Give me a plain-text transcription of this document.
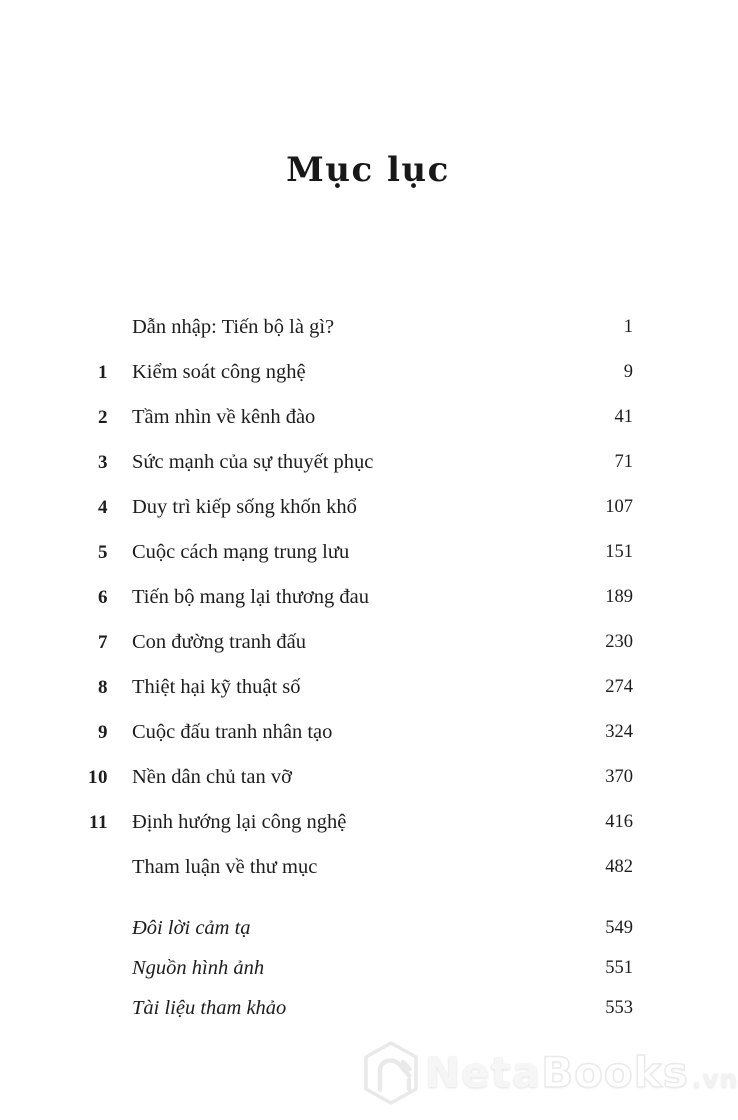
Mục lục
Dẫn nhập: Tiến bộ là gì?	1
1 Kiểm soát công nghệ	9
2 Tầm nhìn về kênh đào	41
3 Sức mạnh của sự thuyết phục	71
4 Duy trì kiếp sống khốn khổ	107
5 Cuộc cách mạng trung lưu	151
6 Tiến bộ mang lại thương đau	189
7 Con đường tranh đấu	230
8 Thiệt hại kỹ thuật số	274
9 Cuộc đấu tranh nhân tạo	324
10 Nền dân chủ tan vỡ	370
11 Định hướng lại công nghệ	416
Tham luận về thư mục	482
Đôi lời cảm tạ	549
Nguồn hình ảnh	551
Tài liệu tham khảo	553
Neta Books .vn
